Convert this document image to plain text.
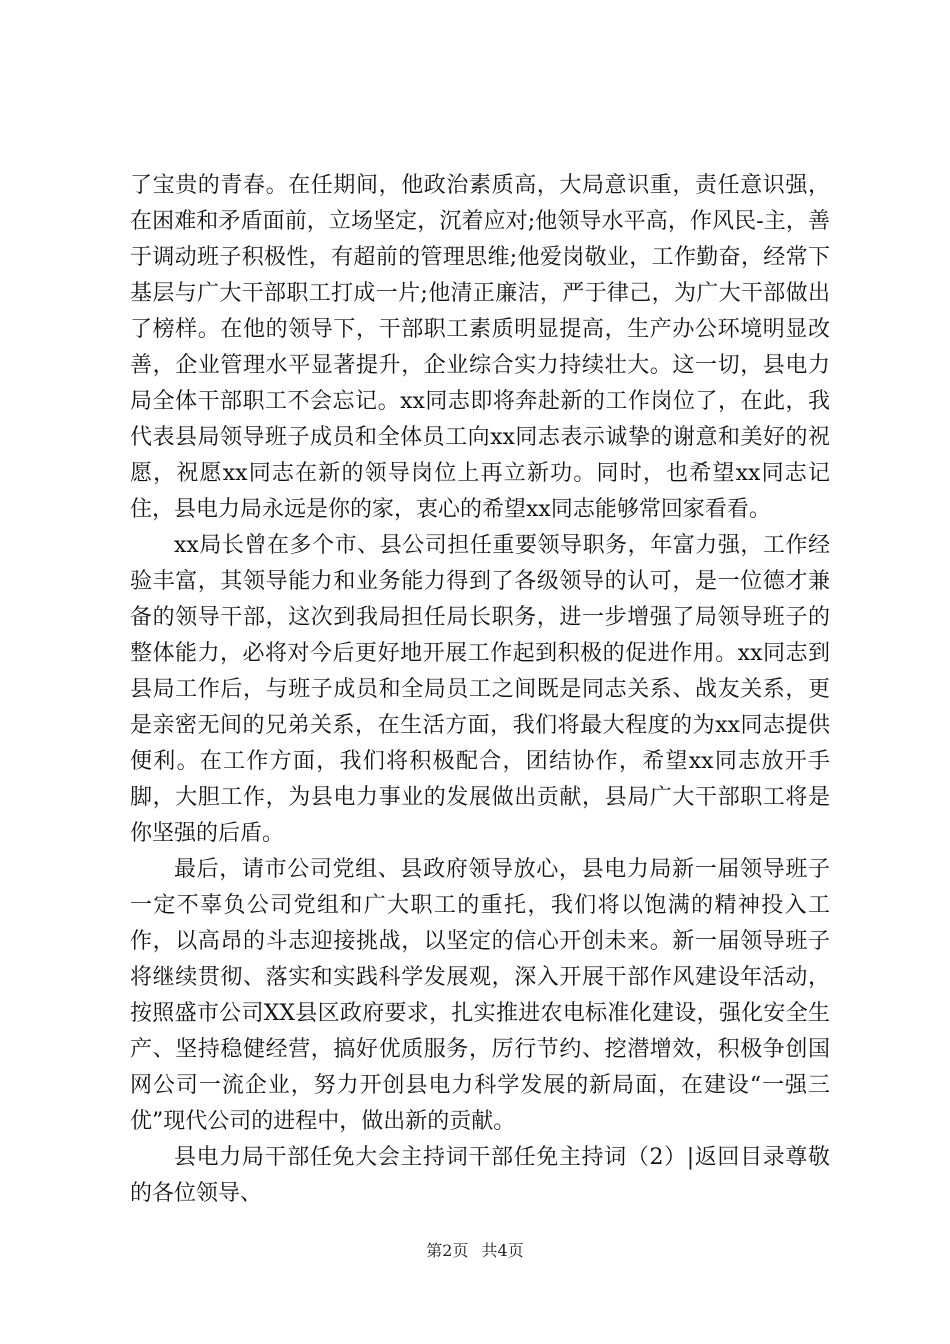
了宝贵的青春。在任期间，他政治素质高，大局意识重，责任意识强，在困难和矛盾面前，立场坚定，沉着应对;他领导水平高，作风民-主，善于调动班子积极性，有超前的管理思维;他爱岗敬业，工作勤奋，经常下基层与广大干部职工打成一片;他清正廉洁，严于律己，为广大干部做出了榜样。在他的领导下，干部职工素质明显提高，生产办公环境明显改善，企业管理水平显著提升，企业综合实力持续壮大。这一切，县电力局全体干部职工不会忘记。xx同志即将奔赴新的工作岗位了，在此，我代表县局领导班子成员和全体员工向xx同志表示诚挚的谢意和美好的祝愿，祝愿xx同志在新的领导岗位上再立新功。同时，也希望xx同志记住，县电力局永远是你的家，衷心的希望xx同志能够常回家看看。

xx局长曾在多个市、县公司担任重要领导职务，年富力强，工作经验丰富，其领导能力和业务能力得到了各级领导的认可，是一位德才兼备的领导干部，这次到我局担任局长职务，进一步增强了局领导班子的整体能力，必将对今后更好地开展工作起到积极的促进作用。xx同志到县局工作后，与班子成员和全局员工之间既是同志关系、战友关系，更是亲密无间的兄弟关系，在生活方面，我们将最大程度的为xx同志提供便利。在工作方面，我们将积极配合，团结协作，希望xx同志放开手脚，大胆工作，为县电力事业的发展做出贡献，县局广大干部职工将是你坚强的后盾。

最后，请市公司党组、县政府领导放心，县电力局新一届领导班子一定不辜负公司党组和广大职工的重托，我们将以饱满的精神投入工作，以高昂的斗志迎接挑战，以坚定的信心开创未来。新一届领导班子将继续贯彻、落实和实践科学发展观，深入开展干部作风建设年活动，按照盛市公司XX县区政府要求，扎实推进农电标准化建设，强化安全生产、坚持稳健经营，搞好优质服务，厉行节约、挖潜增效，积极争创国网公司一流企业，努力开创县电力科学发展的新局面，在建设“一强三优”现代公司的进程中，做出新的贡献。

县电力局干部任免大会主持词干部任免主持词（2）|返回目录尊敬的各位领导、

第2页 共4页
